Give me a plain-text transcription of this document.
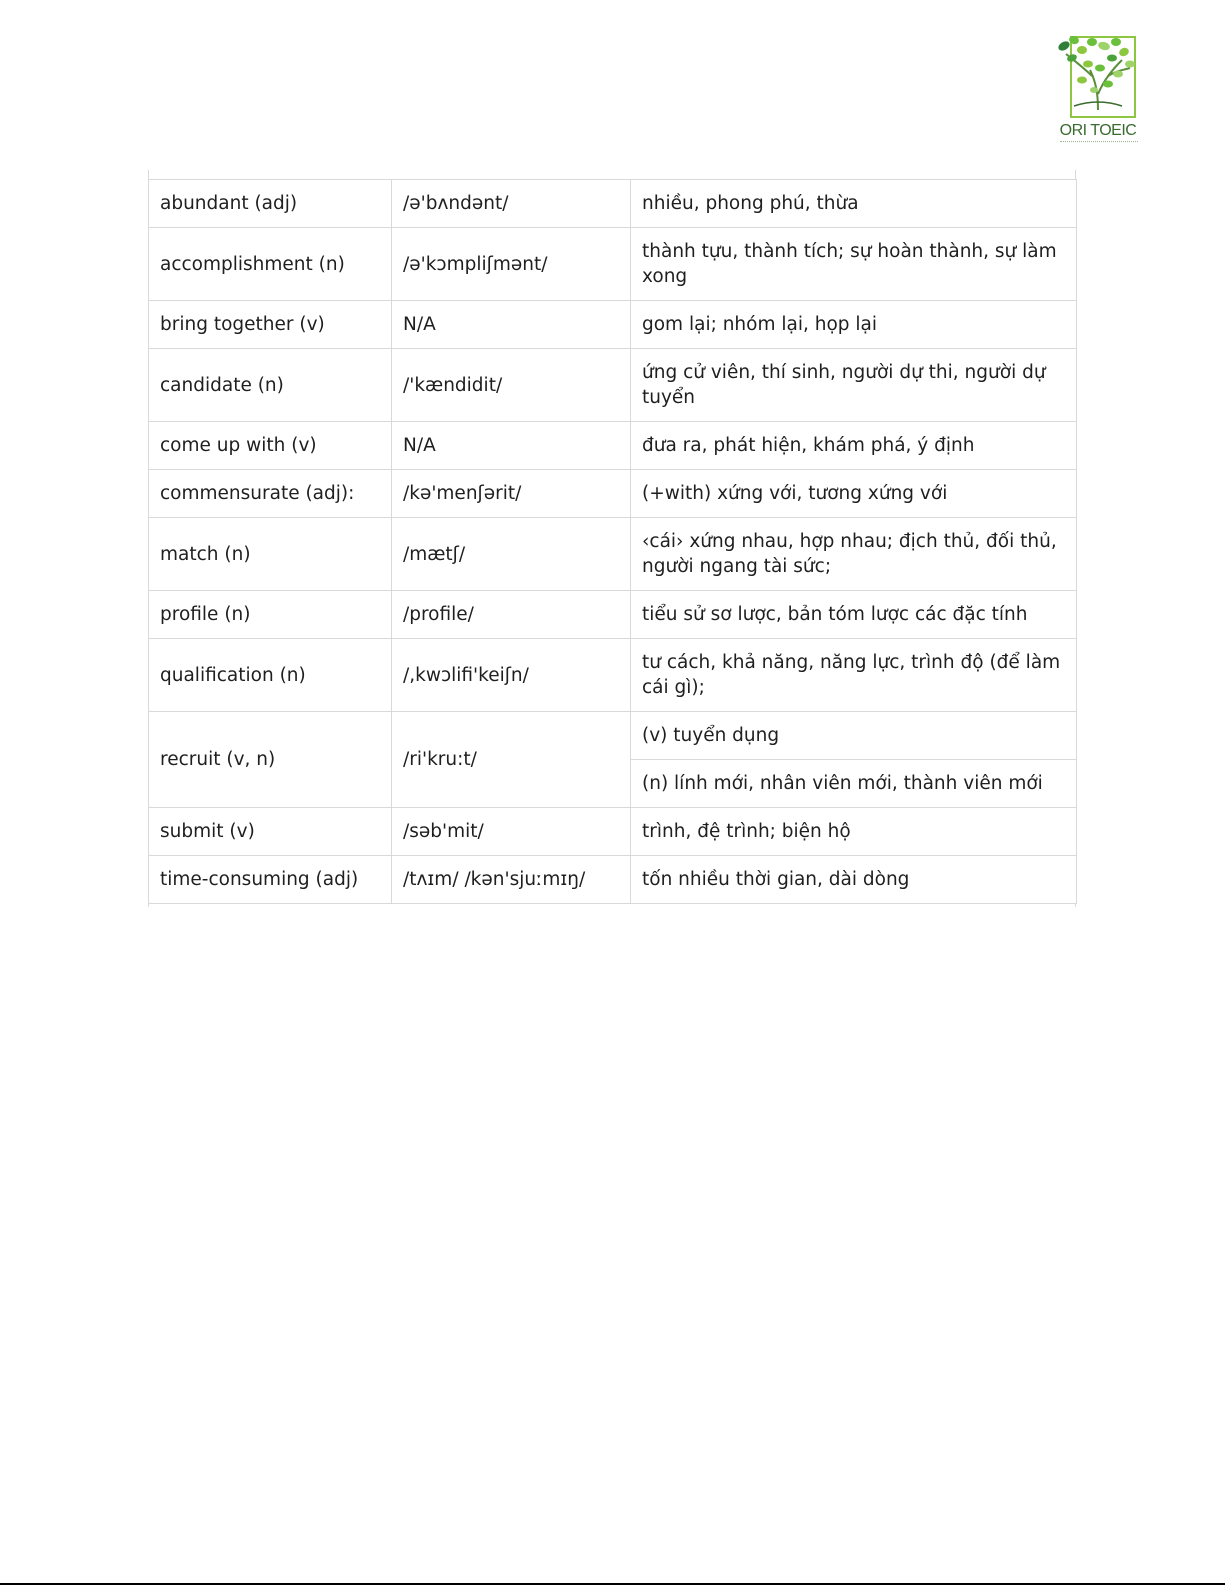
ORI TOEIC
abundant (adj)	/ə'bʌndənt/	nhiều, phong phú, thừa
accomplishment (n)	/ə'kɔmpliʃmənt/	thành tựu, thành tích; sự hoàn thành, sự làm xong
bring together (v)	N/A	gom lại; nhóm lại, họp lại
candidate (n)	/'kændidit/	ứng cử viên, thí sinh, người dự thi, người dự tuyển
come up with (v)	N/A	đưa ra, phát hiện, khám phá, ý định
commensurate (adj):	/kə'menʃərit/	(+with) xứng với, tương xứng với
match (n)	/mætʃ/	‹cái› xứng nhau, hợp nhau; địch thủ, đối thủ, người ngang tài sức;
profile (n)	/profile/	tiểu sử sơ lược, bản tóm lược các đặc tính
qualification (n)	/,kwɔlifi'keiʃn/	tư cách, khả năng, năng lực, trình độ (để làm cái gì);
recruit (v, n)	/ri'kru:t/	(v) tuyển dụng
		(n) lính mới, nhân viên mới, thành viên mới
submit (v)	/səb'mit/	trình, đệ trình; biện hộ
time-consuming (adj)	/tʌɪm/ /kən'sjuːmɪŋ/	tốn nhiều thời gian, dài dòng
